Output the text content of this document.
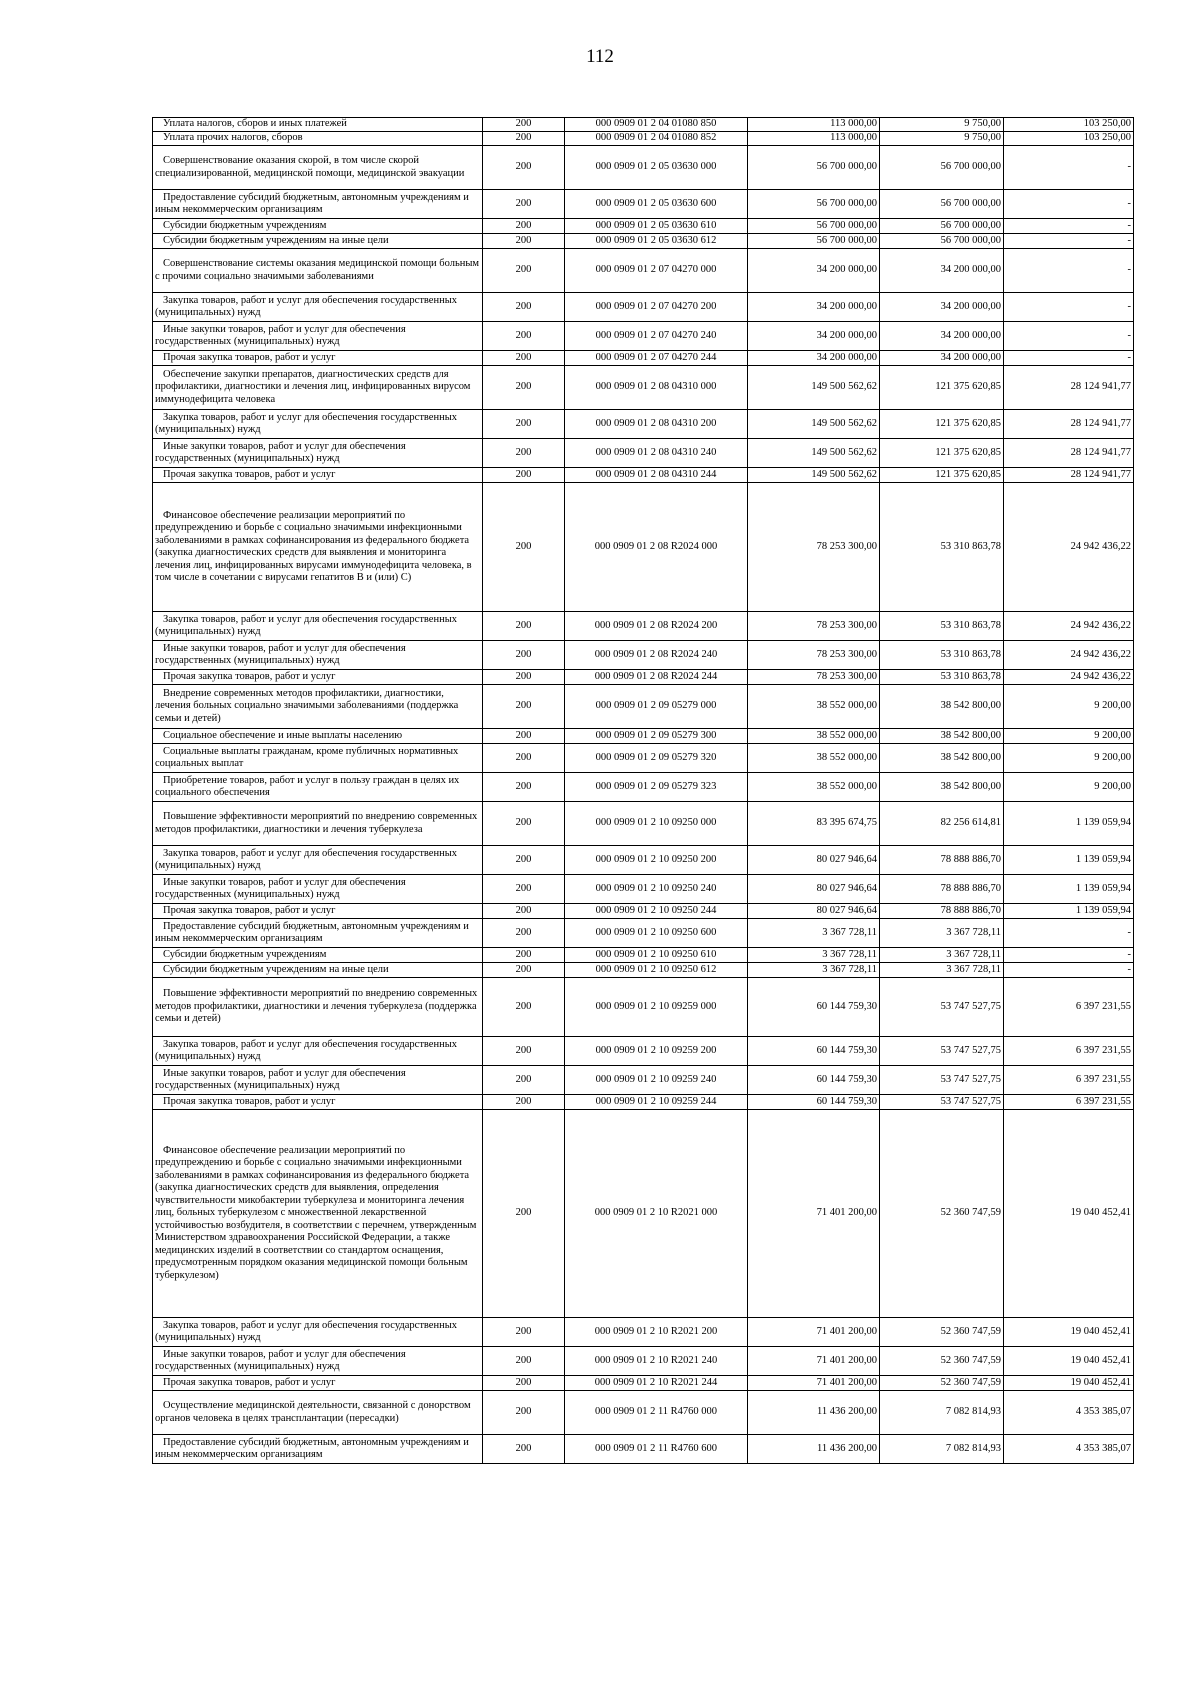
112
Уплата налогов, сборов и иных платежей	200	000 0909 01 2 04 01080 850	113 000,00	9 750,00	103 250,00

Уплата прочих налогов, сборов	200	000 0909 01 2 04 01080 852	113 000,00	9 750,00	103 250,00

Совершенствование оказания скорой, в том числе скорой специализированной, медицинской помощи, медицинской эвакуации	200	000 0909 01 2 05 03630 000	56 700 000,00	56 700 000,00	-

Предоставление субсидий бюджетным, автономным учреждениям и иным некоммерческим организациям	200	000 0909 01 2 05 03630 600	56 700 000,00	56 700 000,00	-

Субсидии бюджетным учреждениям	200	000 0909 01 2 05 03630 610	56 700 000,00	56 700 000,00	-

Субсидии бюджетным учреждениям на иные цели	200	000 0909 01 2 05 03630 612	56 700 000,00	56 700 000,00	-

Совершенствование системы оказания медицинской помощи больным с прочими социально значимыми заболеваниями	200	000 0909 01 2 07 04270 000	34 200 000,00	34 200 000,00	-

Закупка товаров, работ и услуг для обеспечения государственных (муниципальных) нужд	200	000 0909 01 2 07 04270 200	34 200 000,00	34 200 000,00	-

Иные закупки товаров, работ и услуг для обеспечения государственных (муниципальных) нужд	200	000 0909 01 2 07 04270 240	34 200 000,00	34 200 000,00	-

Прочая закупка товаров, работ и услуг	200	000 0909 01 2 07 04270 244	34 200 000,00	34 200 000,00	-

Обеспечение закупки препаратов, диагностических средств для профилактики, диагностики и лечения лиц, инфицированных вирусом иммунодефицита человека	200	000 0909 01 2 08 04310 000	149 500 562,62	121 375 620,85	28 124 941,77

Закупка товаров, работ и услуг для обеспечения государственных (муниципальных) нужд	200	000 0909 01 2 08 04310 200	149 500 562,62	121 375 620,85	28 124 941,77

Иные закупки товаров, работ и услуг для обеспечения государственных (муниципальных) нужд	200	000 0909 01 2 08 04310 240	149 500 562,62	121 375 620,85	28 124 941,77

Прочая закупка товаров, работ и услуг	200	000 0909 01 2 08 04310 244	149 500 562,62	121 375 620,85	28 124 941,77

Финансовое обеспечение реализации мероприятий по предупреждению и борьбе с социально значимыми инфекционными заболеваниями в рамках софинансирования из федерального бюджета (закупка диагностических средств для выявления и мониторинга лечения лиц, инфицированных вирусами иммунодефицита человека, в том числе в сочетании с вирусами гепатитов B и (или) C)	200	000 0909 01 2 08 R2024 000	78 253 300,00	53 310 863,78	24 942 436,22

Закупка товаров, работ и услуг для обеспечения государственных (муниципальных) нужд	200	000 0909 01 2 08 R2024 200	78 253 300,00	53 310 863,78	24 942 436,22

Иные закупки товаров, работ и услуг для обеспечения государственных (муниципальных) нужд	200	000 0909 01 2 08 R2024 240	78 253 300,00	53 310 863,78	24 942 436,22

Прочая закупка товаров, работ и услуг	200	000 0909 01 2 08 R2024 244	78 253 300,00	53 310 863,78	24 942 436,22

Внедрение современных методов профилактики, диагностики, лечения больных социально значимыми заболеваниями (поддержка семьи и детей)	200	000 0909 01 2 09 05279 000	38 552 000,00	38 542 800,00	9 200,00

Социальное обеспечение и иные выплаты населению	200	000 0909 01 2 09 05279 300	38 552 000,00	38 542 800,00	9 200,00

Социальные выплаты гражданам, кроме публичных нормативных социальных выплат	200	000 0909 01 2 09 05279 320	38 552 000,00	38 542 800,00	9 200,00

Приобретение товаров, работ и услуг в пользу граждан в целях их социального обеспечения	200	000 0909 01 2 09 05279 323	38 552 000,00	38 542 800,00	9 200,00

Повышение эффективности мероприятий по внедрению современных методов профилактики, диагностики и лечения туберкулеза	200	000 0909 01 2 10 09250 000	83 395 674,75	82 256 614,81	1 139 059,94

Закупка товаров, работ и услуг для обеспечения государственных (муниципальных) нужд	200	000 0909 01 2 10 09250 200	80 027 946,64	78 888 886,70	1 139 059,94

Иные закупки товаров, работ и услуг для обеспечения государственных (муниципальных) нужд	200	000 0909 01 2 10 09250 240	80 027 946,64	78 888 886,70	1 139 059,94

Прочая закупка товаров, работ и услуг	200	000 0909 01 2 10 09250 244	80 027 946,64	78 888 886,70	1 139 059,94

Предоставление субсидий бюджетным, автономным учреждениям и иным некоммерческим организациям	200	000 0909 01 2 10 09250 600	3 367 728,11	3 367 728,11	-

Субсидии бюджетным учреждениям	200	000 0909 01 2 10 09250 610	3 367 728,11	3 367 728,11	-

Субсидии бюджетным учреждениям на иные цели	200	000 0909 01 2 10 09250 612	3 367 728,11	3 367 728,11	-

Повышение эффективности мероприятий по внедрению современных методов профилактики, диагностики и лечения туберкулеза (поддержка семьи и детей)	200	000 0909 01 2 10 09259 000	60 144 759,30	53 747 527,75	6 397 231,55

Закупка товаров, работ и услуг для обеспечения государственных (муниципальных) нужд	200	000 0909 01 2 10 09259 200	60 144 759,30	53 747 527,75	6 397 231,55

Иные закупки товаров, работ и услуг для обеспечения государственных (муниципальных) нужд	200	000 0909 01 2 10 09259 240	60 144 759,30	53 747 527,75	6 397 231,55

Прочая закупка товаров, работ и услуг	200	000 0909 01 2 10 09259 244	60 144 759,30	53 747 527,75	6 397 231,55

Финансовое обеспечение реализации мероприятий по предупреждению и борьбе с социально значимыми инфекционными заболеваниями в рамках софинансирования из федерального бюджета (закупка диагностических средств для выявления, определения чувствительности микобактерии туберкулеза и мониторинга лечения лиц, больных туберкулезом с множественной лекарственной устойчивостью возбудителя, в соответствии с перечнем, утвержденным Министерством здравоохранения Российской Федерации, а также медицинских изделий в соответствии со стандартом оснащения, предусмотренным порядком оказания медицинской помощи больным туберкулезом)	200	000 0909 01 2 10 R2021 000	71 401 200,00	52 360 747,59	19 040 452,41

Закупка товаров, работ и услуг для обеспечения государственных (муниципальных) нужд	200	000 0909 01 2 10 R2021 200	71 401 200,00	52 360 747,59	19 040 452,41

Иные закупки товаров, работ и услуг для обеспечения государственных (муниципальных) нужд	200	000 0909 01 2 10 R2021 240	71 401 200,00	52 360 747,59	19 040 452,41

Прочая закупка товаров, работ и услуг	200	000 0909 01 2 10 R2021 244	71 401 200,00	52 360 747,59	19 040 452,41

Осуществление медицинской деятельности, связанной с донорством органов человека в целях трансплантации (пересадки)	200	000 0909 01 2 11 R4760 000	11 436 200,00	7 082 814,93	4 353 385,07

Предоставление субсидий бюджетным, автономным учреждениям и иным некоммерческим организациям	200	000 0909 01 2 11 R4760 600	11 436 200,00	7 082 814,93	4 353 385,07
